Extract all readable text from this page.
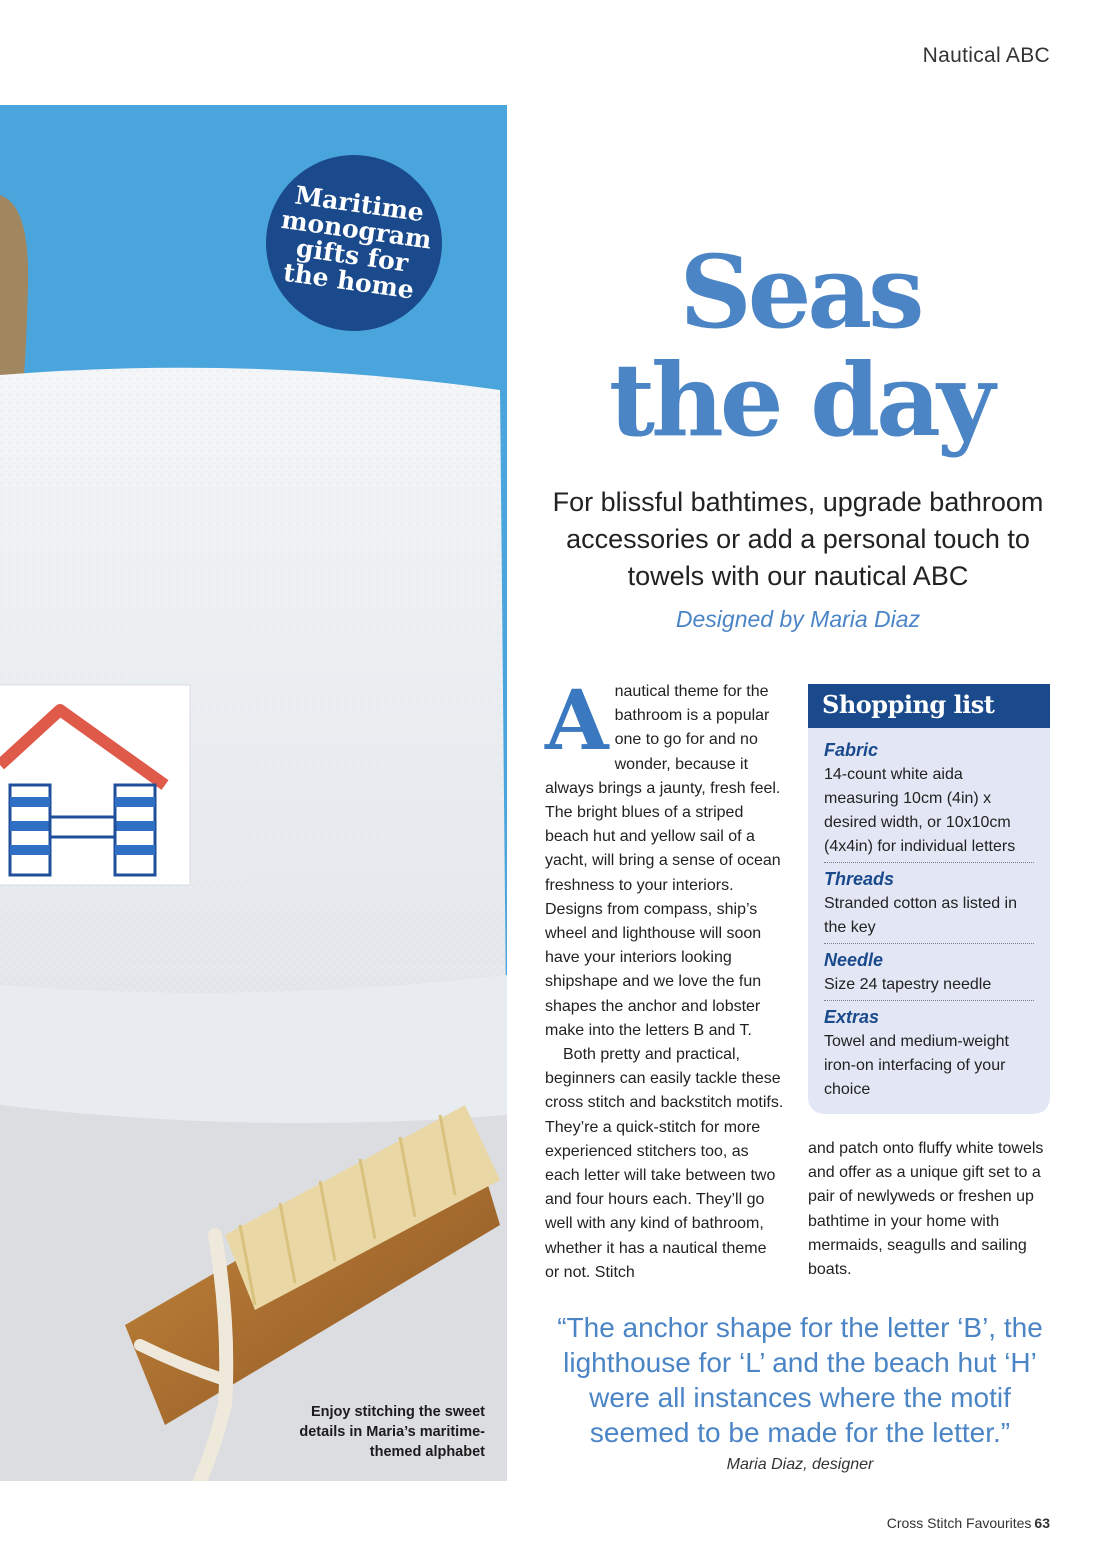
Nautical ABC
Maritime monogram gifts for the home
Enjoy stitching the sweet details in Maria’s maritime-themed alphabet
Seas
the day
For blissful bathtimes, upgrade bathroom accessories or add a personal touch to towels with our nautical ABC
Designed by Maria Diaz
A nautical theme for the bathroom is a popular one to go for and no wonder, because it always brings a jaunty, fresh feel. The bright blues of a striped beach hut and yellow sail of a yacht, will bring a sense of ocean freshness to your interiors. Designs from compass, ship’s wheel and lighthouse will soon have your interiors looking shipshape and we love the fun shapes the anchor and lobster make into the letters B and T.

Both pretty and practical, beginners can easily tackle these cross stitch and backstitch motifs. They’re a quick-stitch for more experienced stitchers too, as each letter will take between two and four hours each. They’ll go well with any kind of bathroom, whether it has a nautical theme or not. Stitch

Shopping list
Fabric
14-count white aida measuring 10cm (4in) x desired width, or 10x10cm (4x4in) for individual letters
Threads
Stranded cotton as listed in the key
Needle
Size 24 tapestry needle
Extras
Towel and medium-weight iron-on interfacing of your choice

and patch onto fluffy white towels and offer as a unique gift set to a pair of newlyweds or freshen up bathtime in your home with mermaids, seagulls and sailing boats.

“The anchor shape for the letter ‘B’, the lighthouse for ‘L’ and the beach hut ‘H’ were all instances where the motif seemed to be made for the letter.”
Maria Diaz, designer
Cross Stitch Favourites 63
